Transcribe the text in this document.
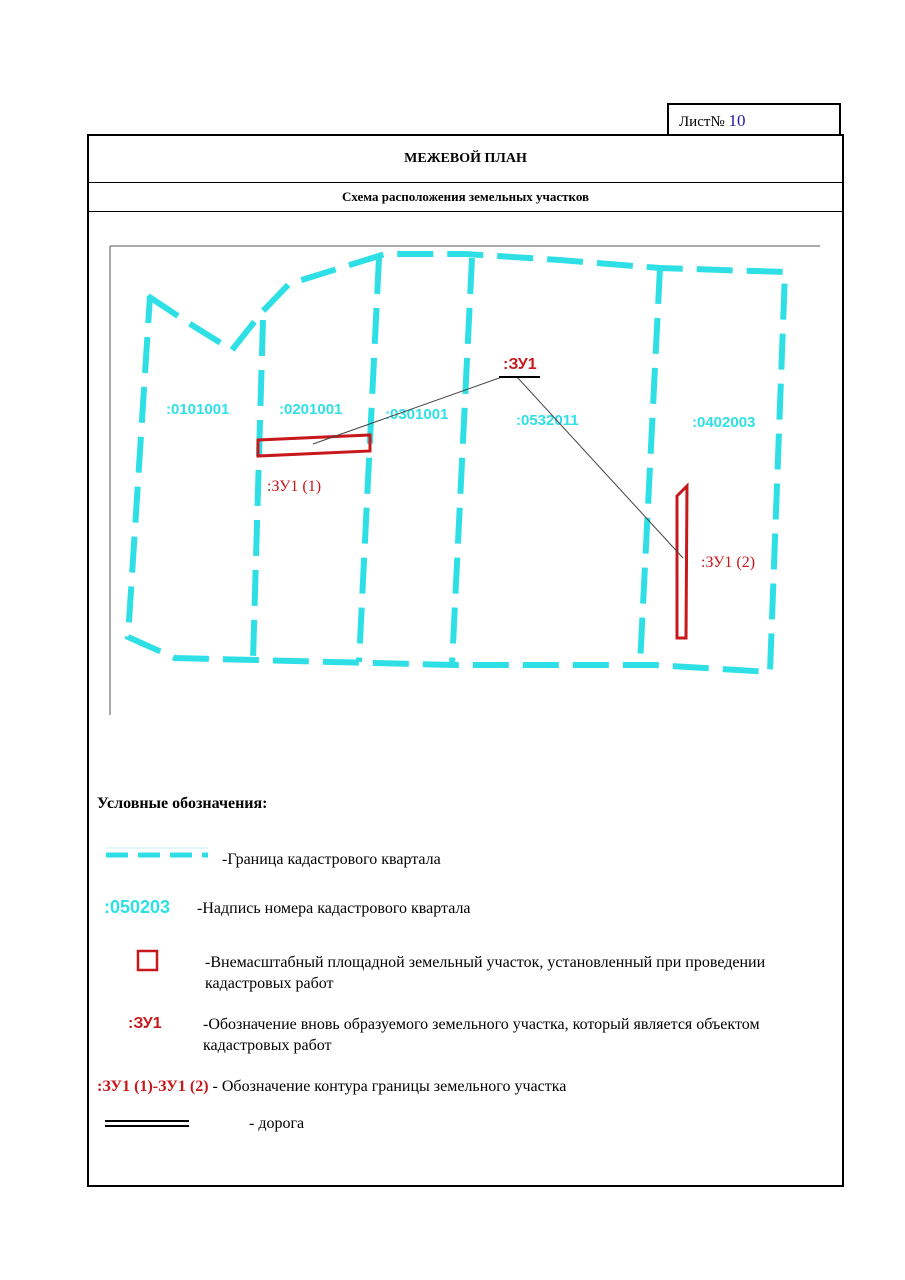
Лист№ 10
МЕЖЕВОЙ ПЛАН
Схема расположения земельных участков
:0101001	:0201001	:0301001	:0532011	:0402003
:ЗУ1
:ЗУ1 (1)
:ЗУ1 (2)
Условные обозначения:
-Граница кадастрового квартала
:050203 -Надпись номера кадастрового квартала
-Внемасштабный площадной земельный участок, установленный при проведении кадастровых работ
:ЗУ1	-Обозначение вновь образуемого земельного участка, который является объектом кадастровых работ
:ЗУ1 (1)-ЗУ1 (2) - Обозначение контура границы земельного участка
- дорога
